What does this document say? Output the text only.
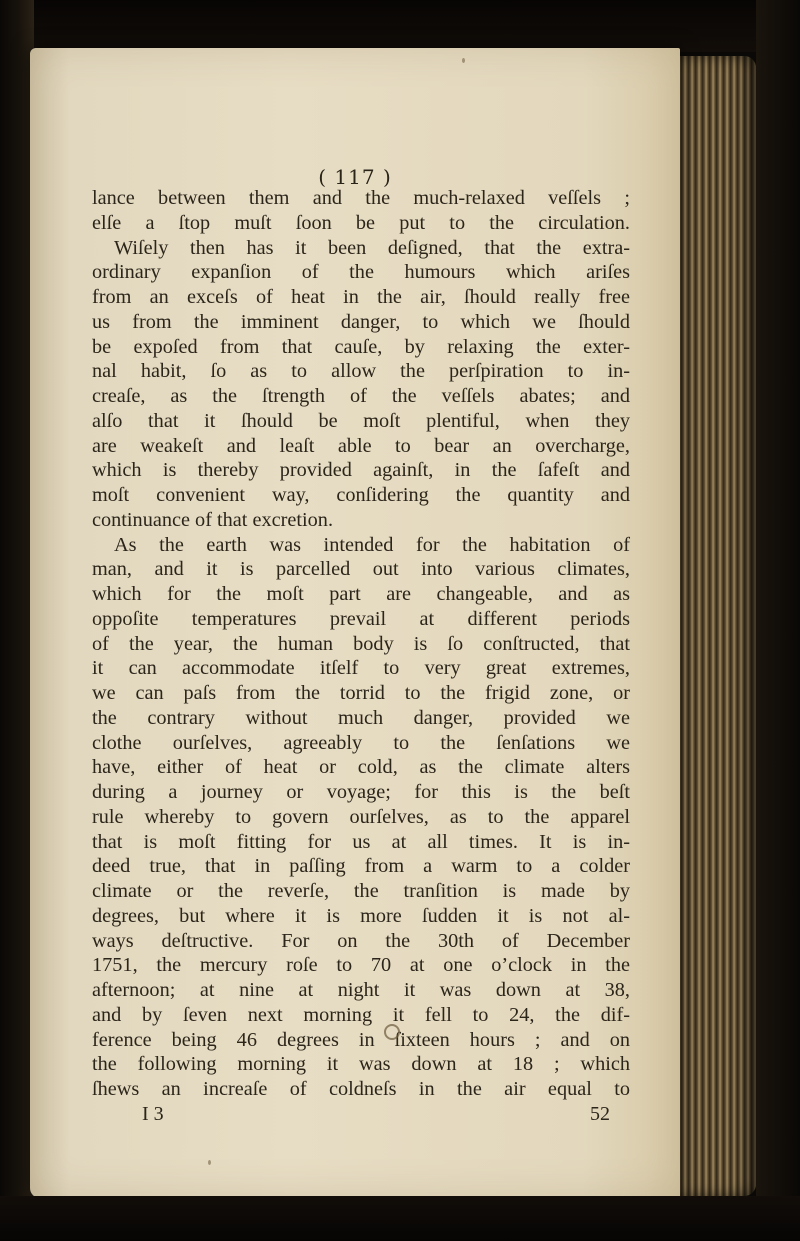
( 117 )
lance between them and the much-relaxed veſſels ;
elſe a ſtop muſt ſoon be put to the circulation.
Wiſely then has it been deſigned, that the extra-
ordinary expanſion of the humours which ariſes
from an exceſs of heat in the air, ſhould really free
us from the imminent danger, to which we ſhould
be expoſed from that cauſe, by relaxing the exter-
nal habit, ſo as to allow the perſpiration to in-
creaſe, as the ſtrength of the veſſels abates; and
alſo that it ſhould be moſt plentiful, when they
are weakeſt and leaſt able to bear an overcharge,
which is thereby provided againſt, in the ſafeſt and
moſt convenient way, conſidering the quantity and
continuance of that excretion.
As the earth was intended for the habitation of
man, and it is parcelled out into various climates,
which for the moſt part are changeable, and as
oppoſite temperatures prevail at different periods
of the year, the human body is ſo conſtructed, that
it can accommodate itſelf to very great extremes,
we can paſs from the torrid to the frigid zone, or
the contrary without much danger, provided we
clothe ourſelves, agreeably to the ſenſations we
have, either of heat or cold, as the climate alters
during a journey or voyage; for this is the beſt
rule whereby to govern ourſelves, as to the apparel
that is moſt fitting for us at all times. It is in-
deed true, that in paſſing from a warm to a colder
climate or the reverſe, the tranſition is made by
degrees, but where it is more ſudden it is not al-
ways deſtructive. For on the 30th of December
1751, the mercury roſe to 70 at one o’clock in the
afternoon; at nine at night it was down at 38,
and by ſeven next morning it fell to 24, the dif-
ference being 46 degrees in ſixteen hours ; and on
the following morning it was down at 18 ; which
ſhews an increaſe of coldneſs in the air equal to
I 3	52
